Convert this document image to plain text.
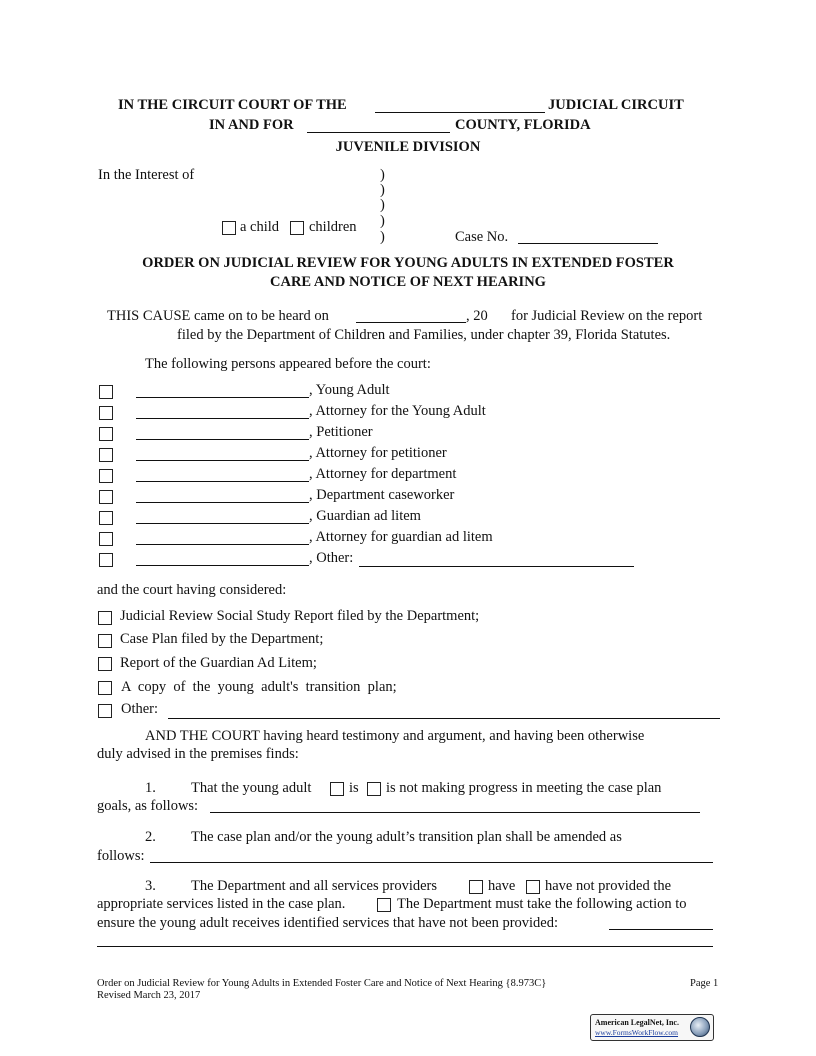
IN THE CIRCUIT COURT OF THE	JUDICIAL CIRCUIT
IN AND FOR	COUNTY, FLORIDA
JUVENILE DIVISION
In the Interest of	)
)
)
)
)
a child children
Case No.
ORDER ON JUDICIAL REVIEW FOR YOUNG ADULTS IN EXTENDED FOSTER
CARE AND NOTICE OF NEXT HEARING
THIS CAUSE came on to be heard on	, 20 for Judicial Review on the report
filed by the Department of Children and Families, under chapter 39, Florida Statutes.
The following persons appeared before the court:
, Young Adult
, Attorney for the Young Adult
, Petitioner
, Attorney for petitioner
, Attorney for department
, Department caseworker
, Guardian ad litem
, Attorney for guardian ad litem
, Other:
and the court having considered:
Judicial Review Social Study Report filed by the Department;
Case Plan filed by the Department;
Report of the Guardian Ad Litem;
A  copy  of  the  young  adult's  transition  plan;
Other:
AND THE COURT having heard testimony and argument, and having been otherwise
duly advised in the premises finds:
1. That the young adult	is is not making progress in meeting the case plan
goals, as follows:
2. The case plan and/or the young adult’s transition plan shall be amended as
follows:
3. The Department and all services providers	have have not provided the
appropriate services listed in the case plan.	The Department must take the following action to
ensure the young adult receives identified services that have not been provided:
Order on Judicial Review for Young Adults in Extended Foster Care and Notice of Next Hearing {8.973C}
Revised March 23, 2017
Page 1
American LegalNet, Inc.
www.FormsWorkFlow.com
